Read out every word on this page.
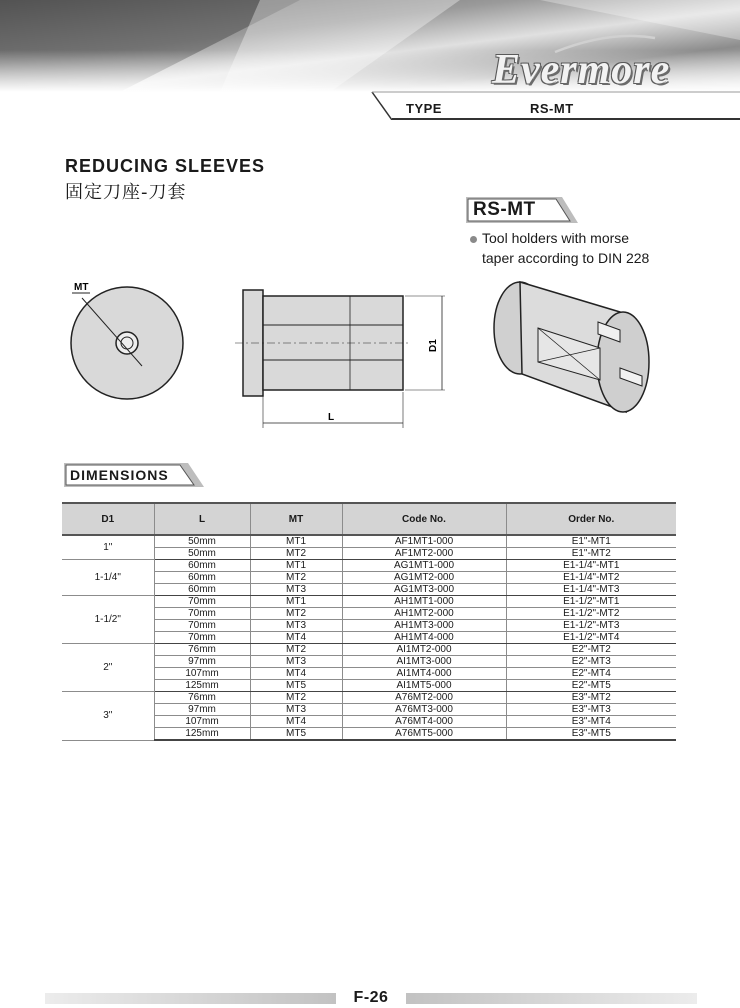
Evermore
TYPE	RS-MT
REDUCING SLEEVES
固定刀座-刀套
RS-MT
Tool holders with morse
taper according to DIN 228
MT
L
D1
DIMENSIONS
D1	L	MT	Code No.	Order No.
1"	50mm	MT1	AF1MT1-000	E1"-MT1
	50mm	MT2	AF1MT2-000	E1"-MT2
1-1/4"	60mm	MT1	AG1MT1-000	E1-1/4"-MT1
	60mm	MT2	AG1MT2-000	E1-1/4"-MT2
	60mm	MT3	AG1MT3-000	E1-1/4"-MT3
1-1/2"	70mm	MT1	AH1MT1-000	E1-1/2"-MT1
	70mm	MT2	AH1MT2-000	E1-1/2"-MT2
	70mm	MT3	AH1MT3-000	E1-1/2"-MT3
	70mm	MT4	AH1MT4-000	E1-1/2"-MT4
2"	76mm	MT2	AI1MT2-000	E2"-MT2
	97mm	MT3	AI1MT3-000	E2"-MT3
	107mm	MT4	AI1MT4-000	E2"-MT4
	125mm	MT5	AI1MT5-000	E2"-MT5
3"	76mm	MT2	A76MT2-000	E3"-MT2
	97mm	MT3	A76MT3-000	E3"-MT3
	107mm	MT4	A76MT4-000	E3"-MT4
	125mm	MT5	A76MT5-000	E3"-MT5
F-26
